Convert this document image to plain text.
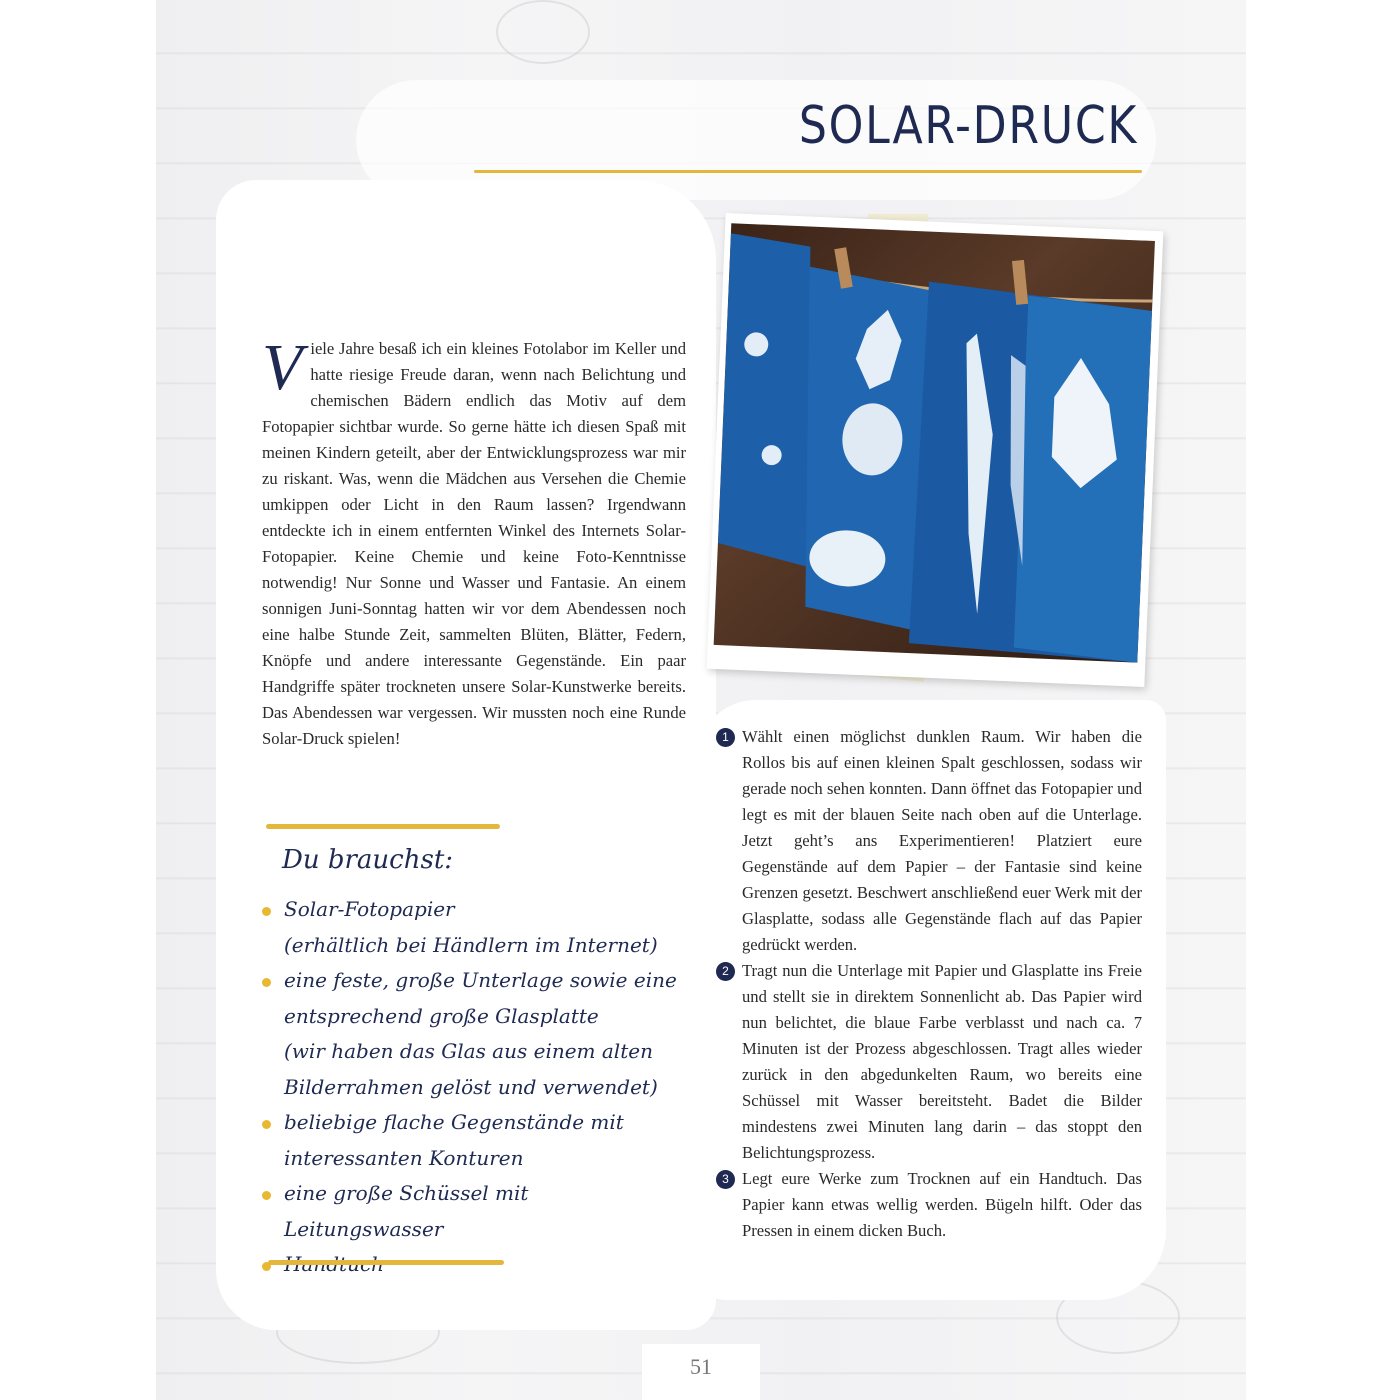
SOLAR-DRUCK
Viele Jahre besaß ich ein kleines Fotolabor im Keller und hatte riesige Freude daran, wenn nach Belichtung und chemischen Bädern endlich das Motiv auf dem Fotopapier sichtbar wurde. So gerne hätte ich diesen Spaß mit meinen Kindern geteilt, aber der Entwicklungsprozess war mir zu riskant. Was, wenn die Mädchen aus Versehen die Chemie umkippen oder Licht in den Raum lassen? Irgendwann entdeckte ich in einem entfernten Winkel des Internets Solar-Fotopapier. Keine Chemie und keine Foto-Kenntnisse notwendig! Nur Sonne und Wasser und Fantasie. An einem sonnigen Juni-Sonntag hatten wir vor dem Abendessen noch eine halbe Stunde Zeit, sammelten Blüten, Blätter, Federn, Knöpfe und andere interessante Gegenstände. Ein paar Handgriffe später trockneten unsere Solar-Kunstwerke bereits. Das Abendessen war vergessen. Wir mussten noch eine Runde Solar-Druck spielen!
Du brauchst:
Solar-Fotopapier
(erhältlich bei Händlern im Internet)
eine feste, große Unterlage sowie eine
entsprechend große Glasplatte
(wir haben das Glas aus einem alten
Bilderrahmen gelöst und verwendet)
beliebige flache Gegenstände mit
interessanten Konturen
eine große Schüssel mit Leitungswasser
1 Wählt einen möglichst dunklen Raum. Wir haben die Rollos bis auf einen kleinen Spalt geschlossen, sodass wir gerade noch sehen konnten. Dann öffnet das Fotopapier und legt es mit der blauen Seite nach oben auf die Unterlage. Jetzt geht’s ans Experimentieren! Platziert eure Gegenstände auf dem Papier – der Fantasie sind keine Grenzen gesetzt. Beschwert anschließend euer Werk mit der Glasplatte, sodass alle Gegenstände flach auf das Papier gedrückt werden.
2 Tragt nun die Unterlage mit Papier und Glasplatte ins Freie und stellt sie in direktem Sonnenlicht ab. Das Papier wird nun belichtet, die blaue Farbe verblasst und nach ca. 7 Minuten ist der Prozess abgeschlossen. Tragt alles wieder zurück in den abgedunkelten Raum, wo bereits eine Schüssel mit Wasser bereitsteht. Badet die Bilder mindestens zwei Minuten lang darin – das stoppt den Belichtungsprozess.
3 Legt eure Werke zum Trocknen auf ein Handtuch. Das Papier kann etwas wellig werden. Bügeln hilft. Oder das Pressen in einem dicken Buch.
51
